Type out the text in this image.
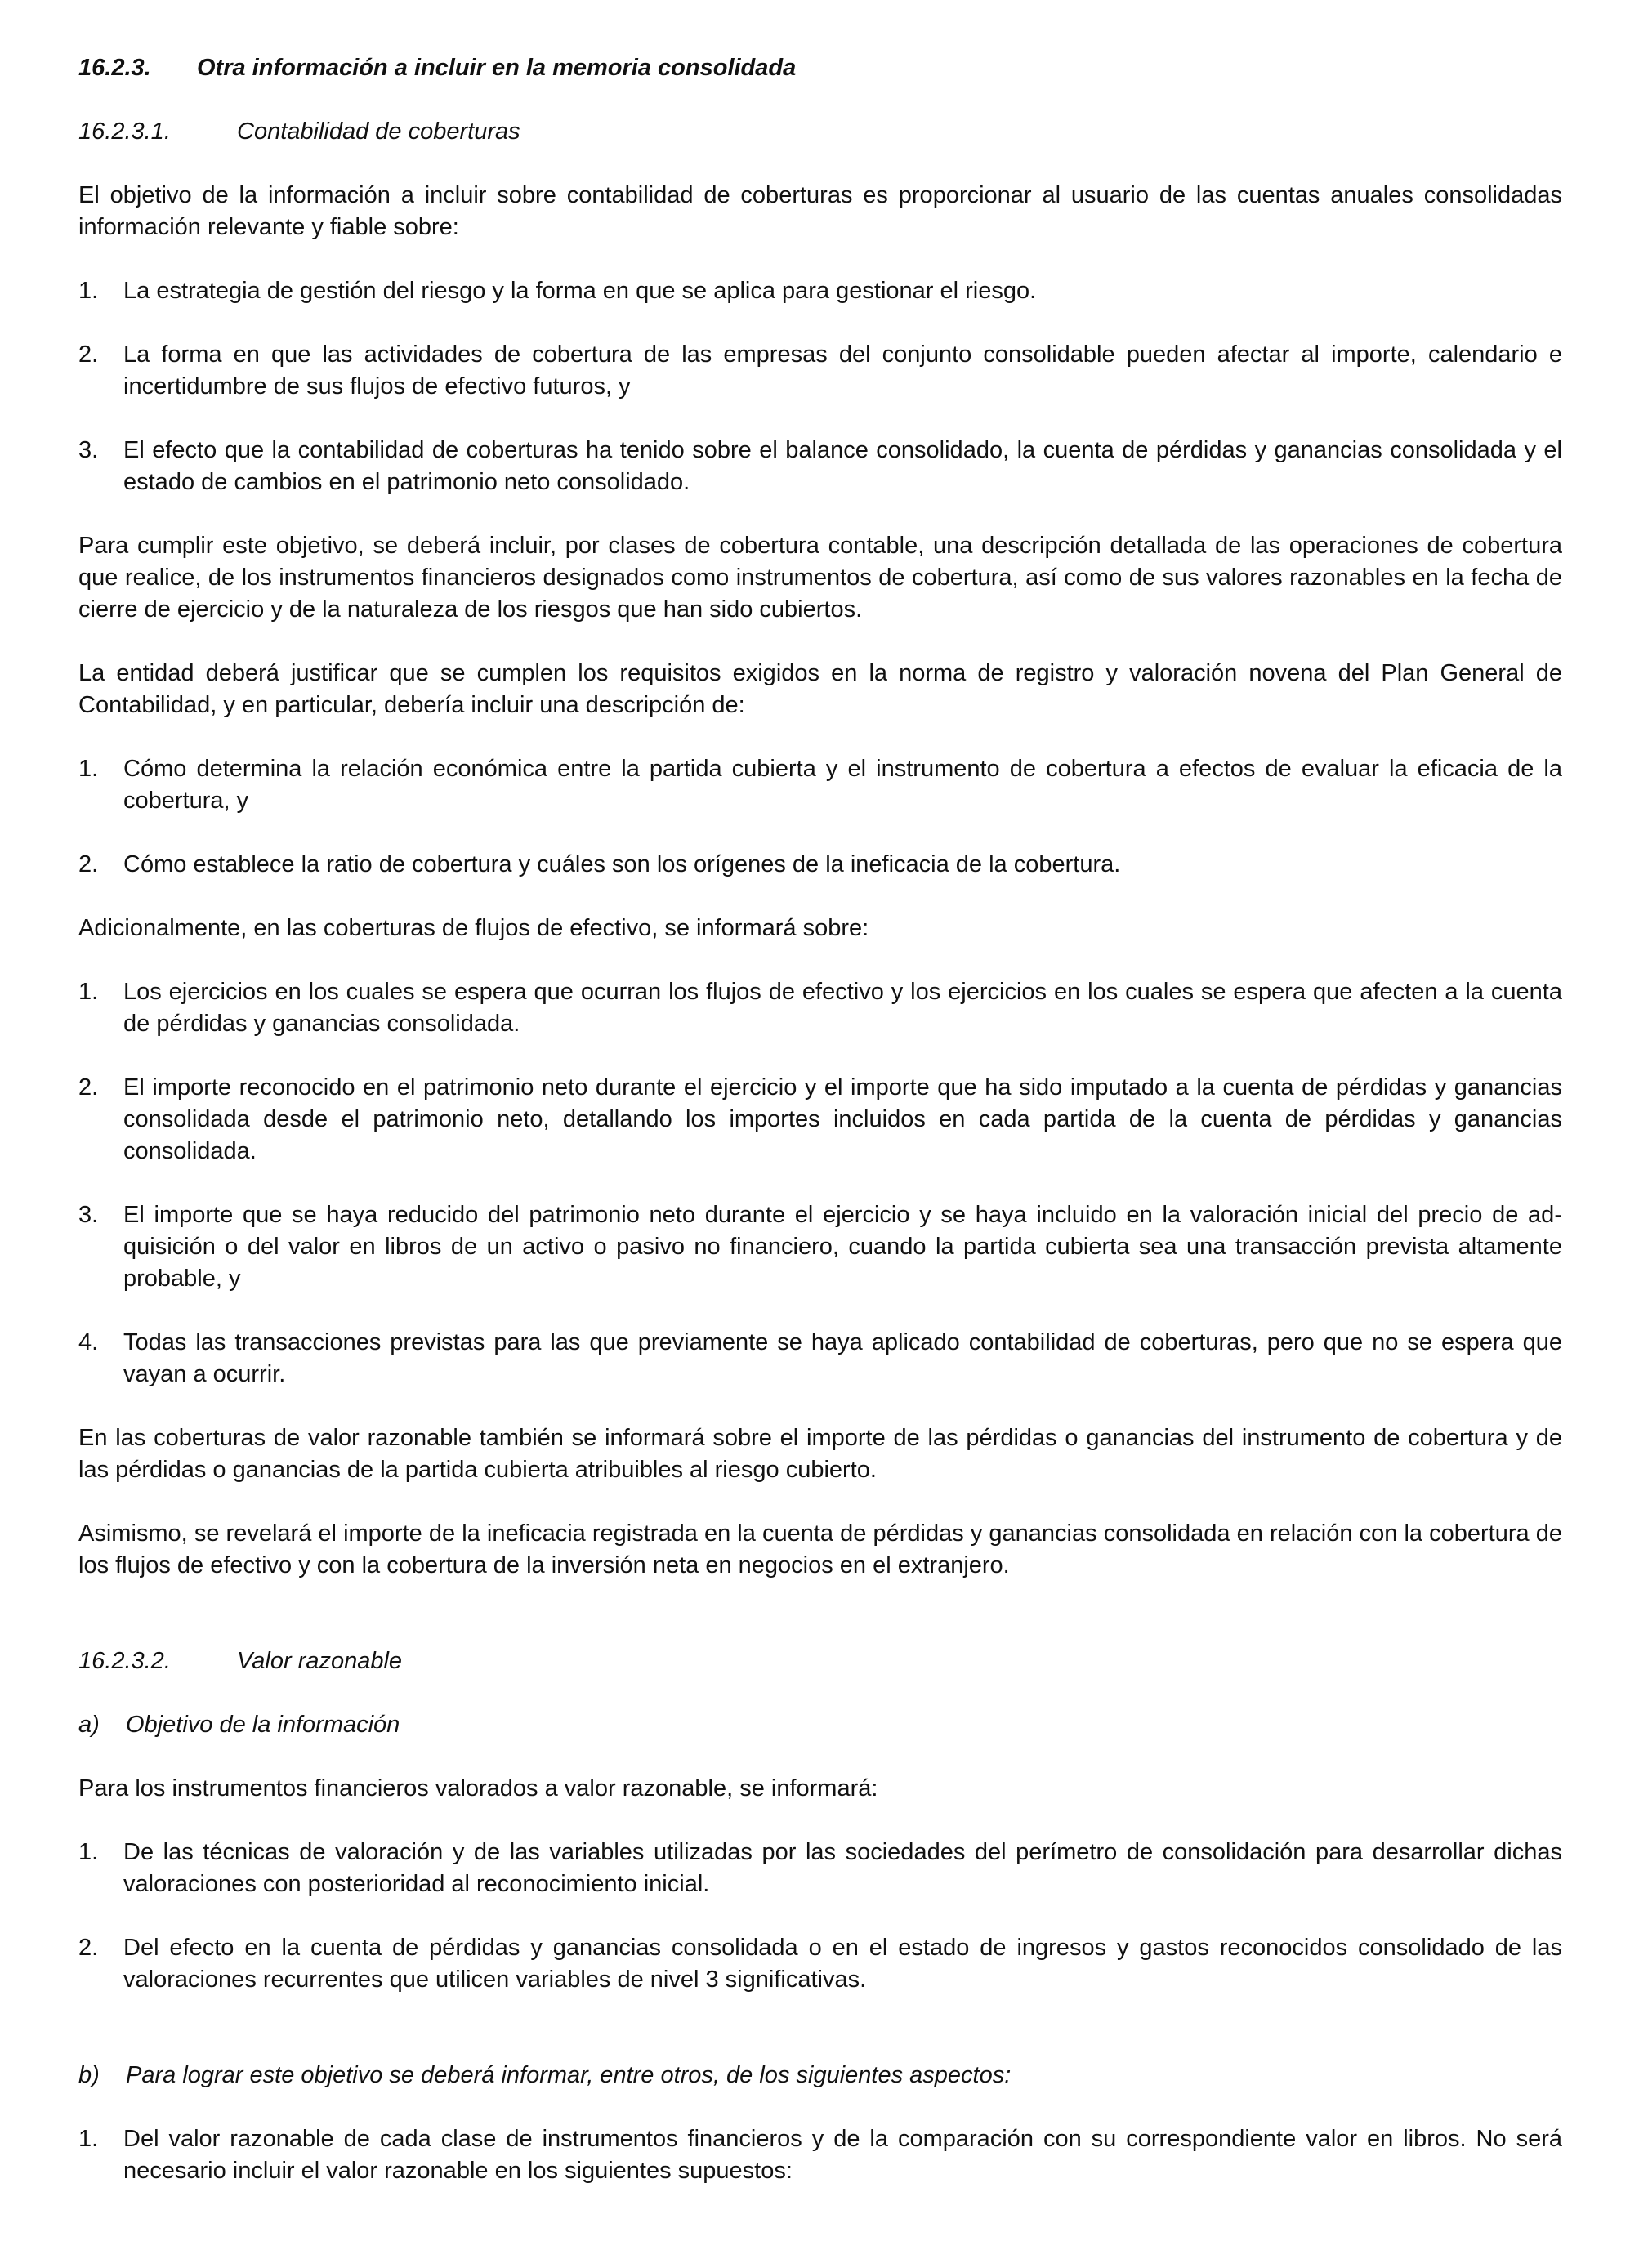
16.2.3. Otra información a incluir en la memoria consolidada
16.2.3.1.	Contabilidad de coberturas

El objetivo de la información a incluir sobre contabilidad de coberturas es proporcionar al usuario de las cuentas anuales consolidadas información relevante y fiable sobre:

1. La estrategia de gestión del riesgo y la forma en que se aplica para gestionar el riesgo.
2. La forma en que las actividades de cobertura de las empresas del conjunto consolidable pueden afectar al importe, calendario e incertidumbre de sus flujos de efectivo futuros, y
3. El efecto que la contabilidad de coberturas ha tenido sobre el balance consolidado, la cuenta de pérdidas y ganancias consolidada y el estado de cambios en el patrimonio neto consolidado.

Para cumplir este objetivo, se deberá incluir, por clases de cobertura contable, una descripción detallada de las operaciones de cobertura que realice, de los instrumentos financieros designados como instrumentos de cobertura, así como de sus valores razonables en la fecha de cierre de ejercicio y de la naturaleza de los riesgos que han sido cubiertos.

La entidad deberá justificar que se cumplen los requisitos exigidos en la norma de registro y valoración novena del Plan General de Contabilidad, y en particular, debería incluir una descripción de:

1. Cómo determina la relación económica entre la partida cubierta y el instrumento de cobertura a efectos de evaluar la eficacia de la cobertura, y
2. Cómo establece la ratio de cobertura y cuáles son los orígenes de la ineficacia de la cobertura.

Adicionalmente, en las coberturas de flujos de efectivo, se informará sobre:

1. Los ejercicios en los cuales se espera que ocurran los flujos de efectivo y los ejercicios en los cuales se espera que afecten a la cuenta de pérdidas y ganancias consolidada.
2. El importe reconocido en el patrimonio neto durante el ejercicio y el importe que ha sido imputado a la cuenta de pérdidas y ganancias consolidada desde el patrimonio neto, detallando los importes incluidos en cada partida de la cuenta de pérdidas y ganancias consolidada.
3. El importe que se haya reducido del patrimonio neto durante el ejercicio y se haya incluido en la valoración inicial del precio de adquisición o del valor en libros de un activo o pasivo no financiero, cuando la partida cubierta sea una transacción prevista altamente probable, y
4. Todas las transacciones previstas para las que previamente se haya aplicado contabilidad de coberturas, pero que no se espera que vayan a ocurrir.

En las coberturas de valor razonable también se informará sobre el importe de las pérdidas o ganancias del instrumento de cobertura y de las pérdidas o ganancias de la partida cubierta atribuibles al riesgo cubierto.

Asimismo, se revelará el importe de la ineficacia registrada en la cuenta de pérdidas y ganancias consolidada en relación con la cobertura de los flujos de efectivo y con la cobertura de la inversión neta en negocios en el extranjero.

16.2.3.2.	Valor razonable
a) Objetivo de la información

Para los instrumentos financieros valorados a valor razonable, se informará:

1. De las técnicas de valoración y de las variables utilizadas por las sociedades del perímetro de consolidación para desarrollar dichas valoraciones con posterioridad al reconocimiento inicial.
2. Del efecto en la cuenta de pérdidas y ganancias consolidada o en el estado de ingresos y gastos reconocidos consolidado de las valoraciones recurrentes que utilicen variables de nivel 3 significativas.
b) Para lograr este objetivo se deberá informar, entre otros, de los siguientes aspectos:
1. Del valor razonable de cada clase de instrumentos financieros y de la comparación con su correspondiente valor en libros. No será necesario incluir el valor razonable en los siguientes supuestos:
